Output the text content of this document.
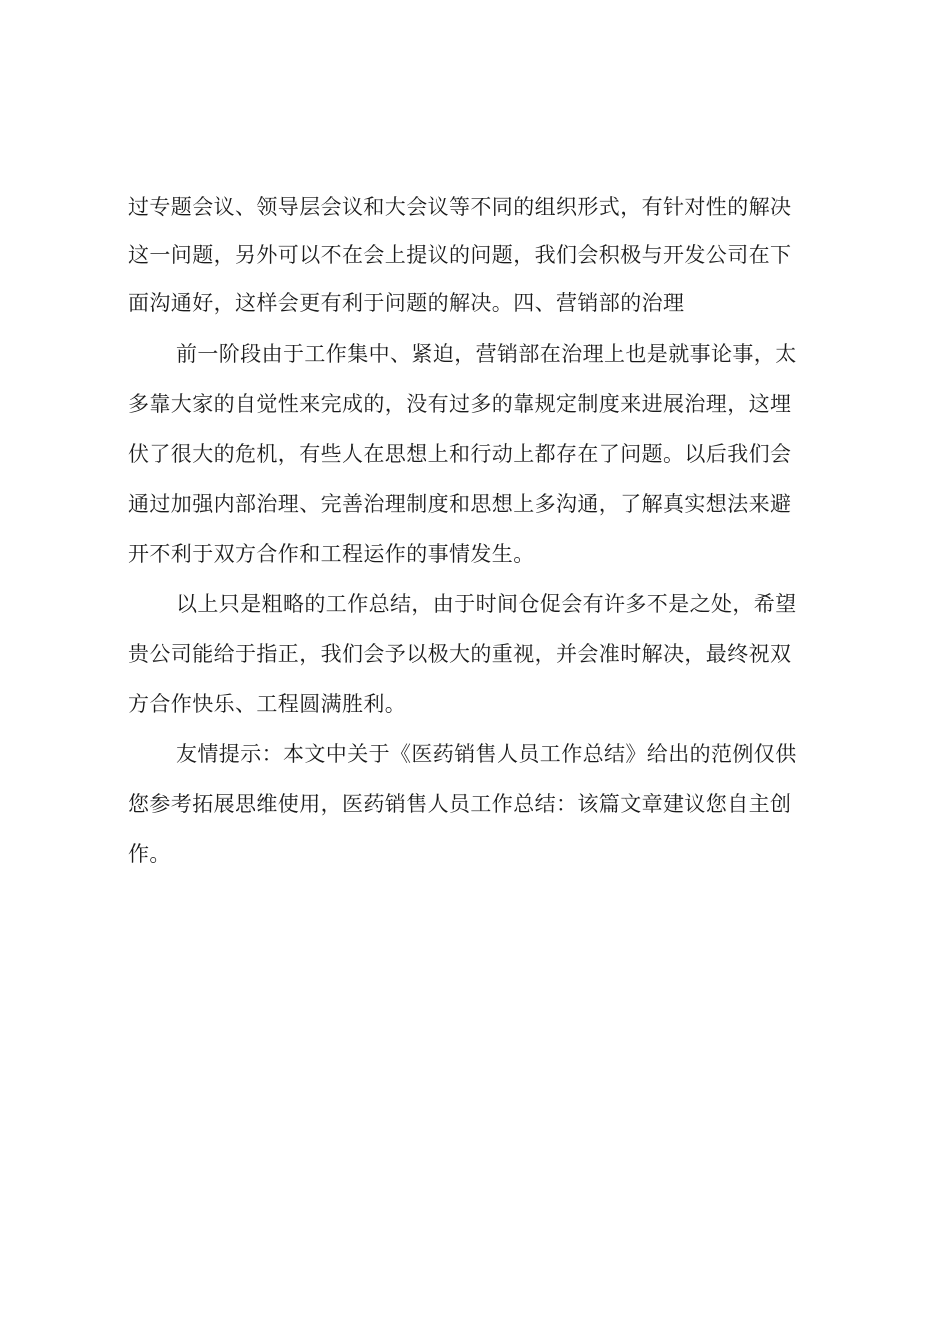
过专题会议、领导层会议和大会议等不同的组织形式，有针对性的解决
这一问题，另外可以不在会上提议的问题，我们会积极与开发公司在下
面沟通好，这样会更有利于问题的解决。四、营销部的治理
前一阶段由于工作集中、紧迫，营销部在治理上也是就事论事，太
多靠大家的自觉性来完成的，没有过多的靠规定制度来进展治理，这埋
伏了很大的危机，有些人在思想上和行动上都存在了问题。以后我们会
通过加强内部治理、完善治理制度和思想上多沟通，了解真实想法来避
开不利于双方合作和工程运作的事情发生。
以上只是粗略的工作总结，由于时间仓促会有许多不是之处，希望
贵公司能给于指正，我们会予以极大的重视，并会准时解决，最终祝双
方合作快乐、工程圆满胜利。
友情提示：本文中关于《医药销售人员工作总结》给出的范例仅供
您参考拓展思维使用，医药销售人员工作总结：该篇文章建议您自主创
作。
